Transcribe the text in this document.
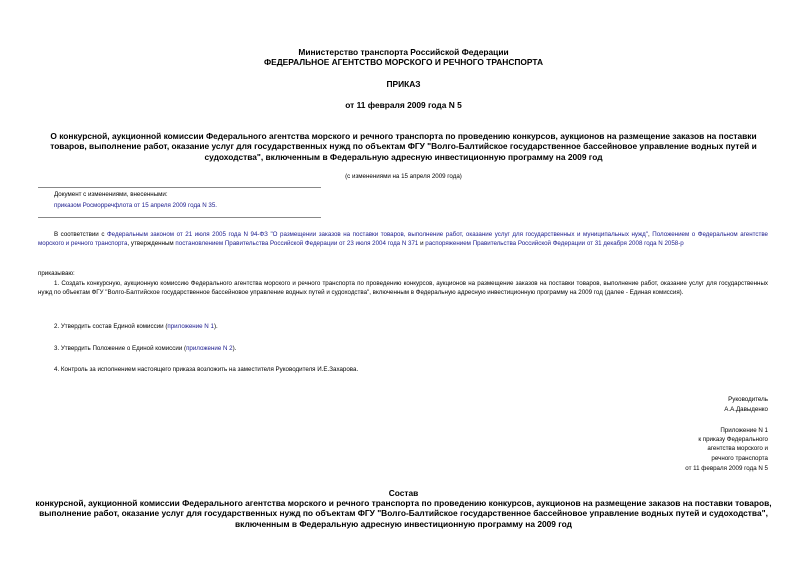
Министерство транспорта Российской Федерации
ФЕДЕРАЛЬНОЕ АГЕНТСТВО МОРСКОГО И РЕЧНОГО ТРАНСПОРТА
ПРИКАЗ
от 11 февраля 2009 года N 5
О конкурсной, аукционной комиссии Федерального агентства морского и речного транспорта по проведению конкурсов, аукционов на размещение заказов на поставки товаров, выполнение работ, оказание услуг для государственных нужд по объектам ФГУ "Волго-Балтийское государственное бассейновое управление водных путей и судоходства", включенным в Федеральную адресную инвестиционную программу на 2009 год
(с изменениями на 15 апреля 2009 года)
Документ с изменениями, внесенными:
приказом Росморречфлота от 15 апреля 2009 года N 35.
В соответствии с Федеральным законом от 21 июля 2005 года N 94-ФЗ "О размещении заказов на поставки товаров, выполнение работ, оказание услуг для государственных и муниципальных нужд", Положением о Федеральном агентстве морского и речного транспорта, утвержденным постановлением Правительства Российской Федерации от 23 июля 2004 года N 371 и распоряжением Правительства Российской Федерации от 31 декабря 2008 года N 2058-р
приказываю:
1. Создать конкурсную, аукционную комиссию Федерального агентства морского и речного транспорта по проведению конкурсов, аукционов на размещение заказов на поставки товаров, выполнение работ, оказание услуг для государственных нужд по объектам ФГУ "Волго-Балтийское государственное бассейновое управление водных путей и судоходства", включенным в Федеральную адресную инвестиционную программу на 2009 год (далее - Единая комиссия).
2. Утвердить состав Единой комиссии (приложение N 1).
3. Утвердить Положение о Единой комиссии (приложение N 2).
4. Контроль за исполнением настоящего приказа возложить на заместителя Руководителя И.Е.Захарова.
Руководитель
А.А.Давыденко
Приложение N 1
к приказу Федерального
агентства морского и
речного транспорта
от 11 февраля 2009 года N 5
Состав
конкурсной, аукционной комиссии Федерального агентства морского и речного транспорта по проведению конкурсов, аукционов на размещение заказов на поставки товаров, выполнение работ, оказание услуг для государственных нужд по объектам ФГУ "Волго-Балтийское государственное бассейновое управление водных путей и судоходства", включенным в Федеральную адресную инвестиционную программу на 2009 год
